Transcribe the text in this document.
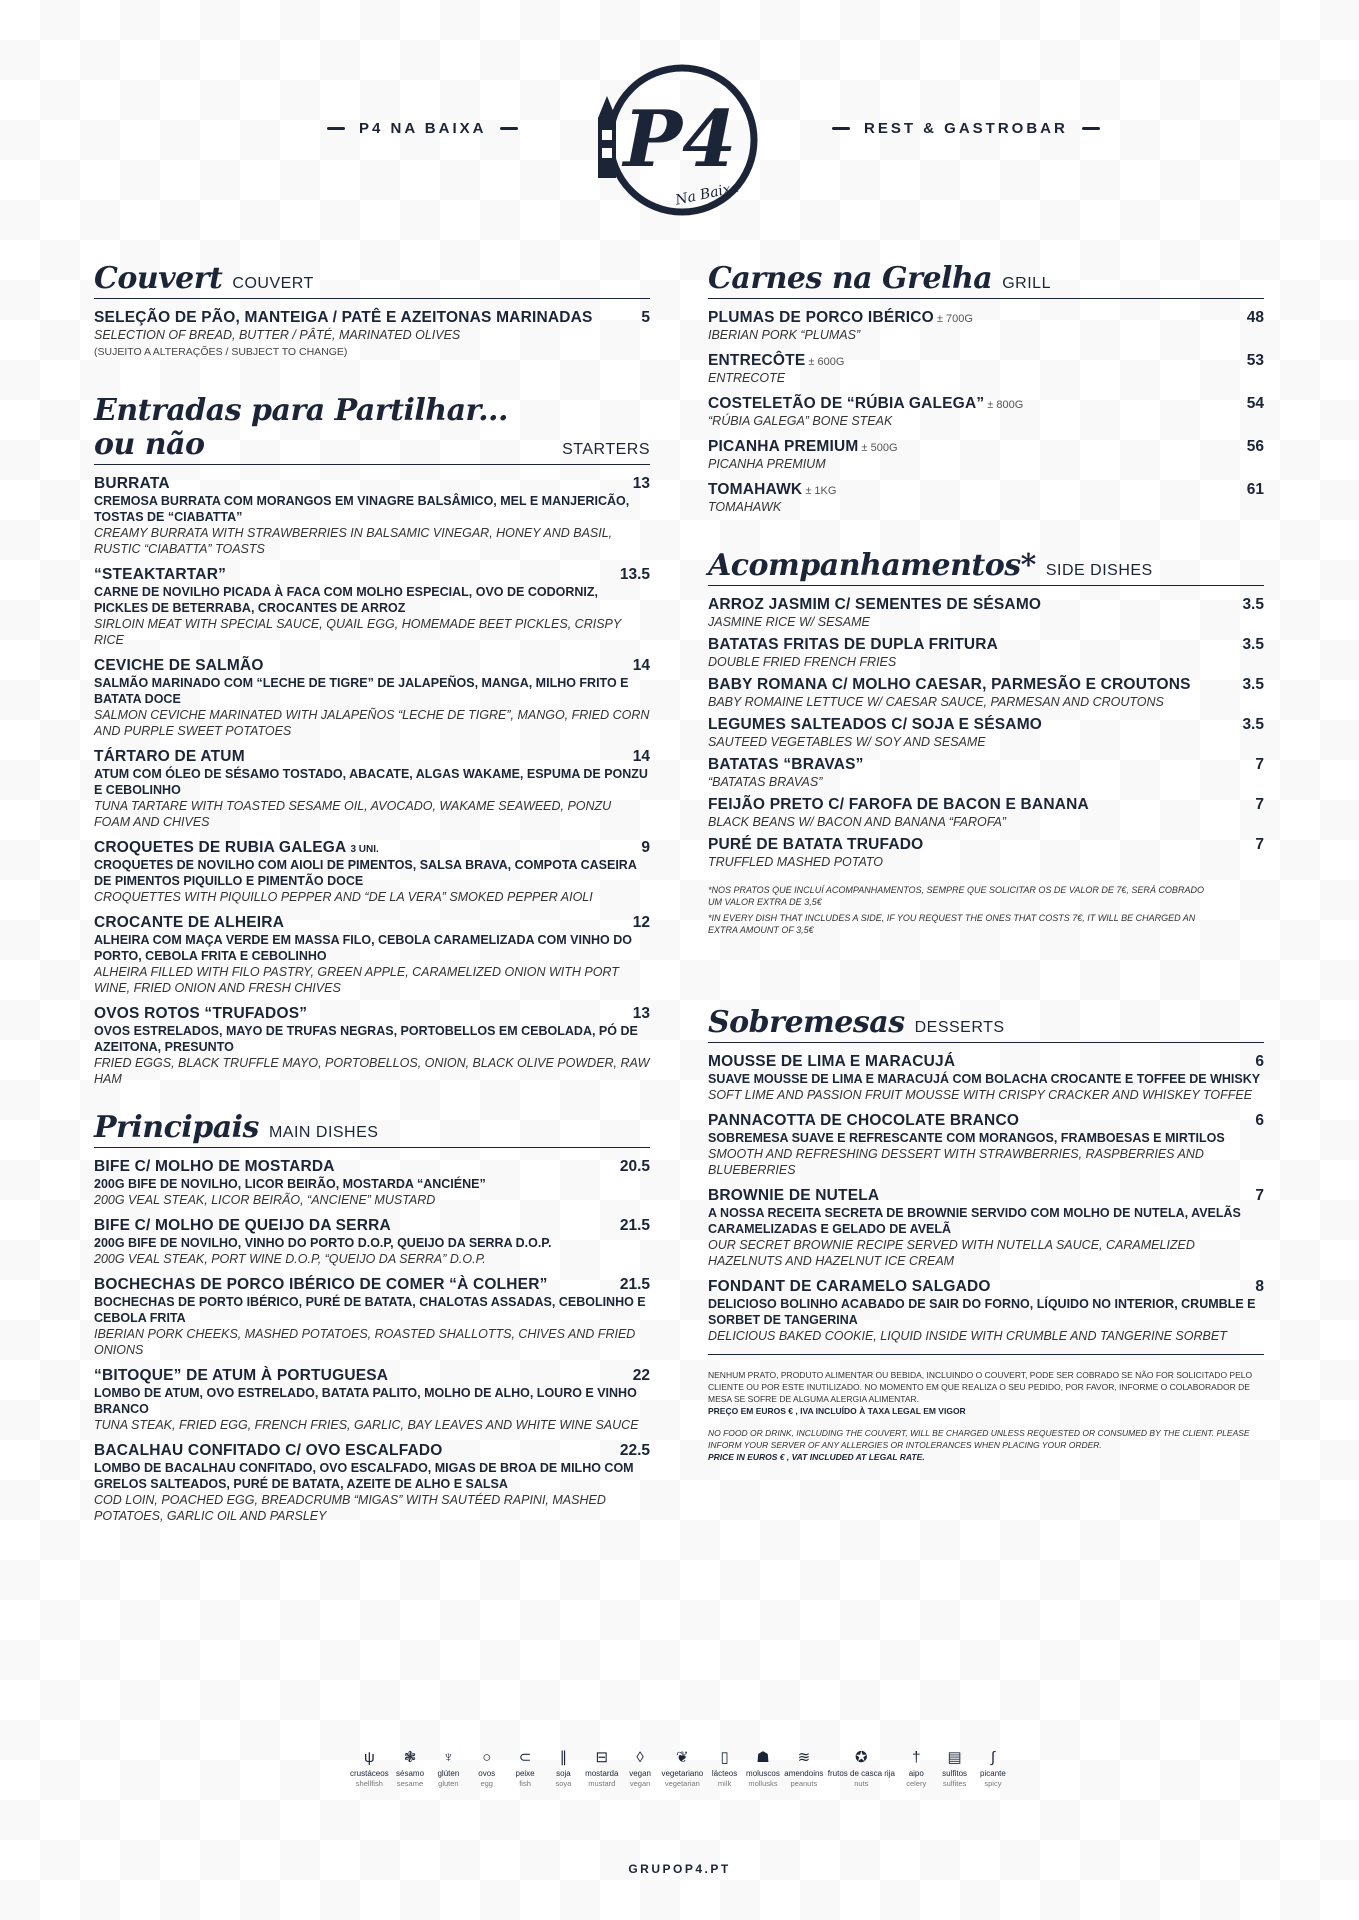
P4 NA BAIXA P4
Na Baixa
REST & GASTROBAR
Couvert COUVERT
SELEÇÃO DE PÃO, MANTEIGA / PATÊ E AZEITONAS MARINADAS	5
SELECTION OF BREAD, BUTTER / PÂTÉ, MARINATED OLIVES
(SUJEITO A ALTERAÇÕES / SUBJECT TO CHANGE)
Entradas para Partilhar... ou não	STARTERS
BURRATA	13
CREMOSA BURRATA COM MORANGOS EM VINAGRE BALSÂMICO, MEL E MANJERICÃO, TOSTAS DE “CIABATTA”
CREAMY BURRATA WITH STRAWBERRIES IN BALSAMIC VINEGAR, HONEY AND BASIL, RUSTIC “CIABATTA” TOASTS
“STEAKTARTAR”	13.5
CARNE DE NOVILHO PICADA À FACA COM MOLHO ESPECIAL, OVO DE CODORNIZ, PICKLES DE BETERRABA, CROCANTES DE ARROZ
SIRLOIN MEAT WITH SPECIAL SAUCE, QUAIL EGG, HOMEMADE BEET PICKLES, CRISPY RICE
CEVICHE DE SALMÃO	14
SALMÃO MARINADO COM “LECHE DE TIGRE” DE JALAPEÑOS, MANGA, MILHO FRITO E BATATA DOCE
SALMON CEVICHE MARINATED WITH JALAPEÑOS “LECHE DE TIGRE”, MANGO, FRIED CORN AND PURPLE SWEET POTATOES
TÁRTARO DE ATUM	14
ATUM COM ÓLEO DE SÉSAMO TOSTADO, ABACATE, ALGAS WAKAME, ESPUMA DE PONZU E CEBOLINHO
TUNA TARTARE WITH TOASTED SESAME OIL, AVOCADO, WAKAME SEAWEED, PONZU FOAM AND CHIVES
CROQUETES DE RUBIA GALEGA 3 UNI.	9
CROQUETES DE NOVILHO COM AIOLI DE PIMENTOS, SALSA BRAVA, COMPOTA CASEIRA DE PIMENTOS PIQUILLO E PIMENTÃO DOCE
CROQUETTES WITH PIQUILLO PEPPER AND “DE LA VERA” SMOKED PEPPER AIOLI
CROCANTE DE ALHEIRA	12
ALHEIRA COM MAÇA VERDE EM MASSA FILO, CEBOLA CARAMELIZADA COM VINHO DO PORTO, CEBOLA FRITA E CEBOLINHO
ALHEIRA FILLED WITH FILO PASTRY, GREEN APPLE, CARAMELIZED ONION WITH PORT WINE, FRIED ONION AND FRESH CHIVES
OVOS ROTOS “TRUFADOS”	13
OVOS ESTRELADOS, MAYO DE TRUFAS NEGRAS, PORTOBELLOS EM CEBOLADA, PÓ DE AZEITONA, PRESUNTO
FRIED EGGS, BLACK TRUFFLE MAYO, PORTOBELLOS, ONION, BLACK OLIVE POWDER, RAW HAM
Principais MAIN DISHES
BIFE C/ MOLHO DE MOSTARDA	20.5
200G BIFE DE NOVILHO, LICOR BEIRÃO, MOSTARDA “ANCIÉNE”
200G VEAL STEAK, LICOR BEIRÃO, “ANCIENE” MUSTARD
BIFE C/ MOLHO DE QUEIJO DA SERRA	21.5
200G BIFE DE NOVILHO, VINHO DO PORTO D.O.P, QUEIJO DA SERRA D.O.P.
200G VEAL STEAK, PORT WINE D.O.P, “QUEIJO DA SERRA” D.O.P.
BOCHECHAS DE PORCO IBÉRICO DE COMER “À COLHER”	21.5
BOCHECHAS DE PORTO IBÉRICO, PURÉ DE BATATA, CHALOTAS ASSADAS, CEBOLINHO E CEBOLA FRITA
IBERIAN PORK CHEEKS, MASHED POTATOES, ROASTED SHALLOTTS, CHIVES AND FRIED ONIONS
“BITOQUE” DE ATUM À PORTUGUESA	22
LOMBO DE ATUM, OVO ESTRELADO, BATATA PALITO, MOLHO DE ALHO, LOURO E VINHO BRANCO
TUNA STEAK, FRIED EGG, FRENCH FRIES, GARLIC, BAY LEAVES AND WHITE WINE SAUCE
BACALHAU CONFITADO C/ OVO ESCALFADO	22.5
LOMBO DE BACALHAU CONFITADO, OVO ESCALFADO, MIGAS DE BROA DE MILHO COM GRELOS SALTEADOS, PURÉ DE BATATA, AZEITE DE ALHO E SALSA
COD LOIN, POACHED EGG, BREADCRUMB “MIGAS” WITH SAUTÉED RAPINI, MASHED POTATOES, GARLIC OIL AND PARSLEY
Carnes na Grelha GRILL
PLUMAS DE PORCO IBÉRICO ± 700G	48
IBERIAN PORK “PLUMAS”
ENTRECÔTE ± 600G	53
ENTRECOTE
COSTELETÃO DE “RÚBIA GALEGA” ± 800G	54
“RÚBIA GALEGA” BONE STEAK
PICANHA PREMIUM ± 500G	56
PICANHA PREMIUM
TOMAHAWK ± 1KG	61
TOMAHAWK
Acompanhamentos* SIDE DISHES
ARROZ JASMIM C/ SEMENTES DE SÉSAMO	3.5
JASMINE RICE W/ SESAME
BATATAS FRITAS DE DUPLA FRITURA	3.5
DOUBLE FRIED FRENCH FRIES
BABY ROMANA C/ MOLHO CAESAR, PARMESÃO E CROUTONS	3.5
BABY ROMAINE LETTUCE W/ CAESAR SAUCE, PARMESAN AND CROUTONS
LEGUMES SALTEADOS C/ SOJA E SÉSAMO	3.5
SAUTEED VEGETABLES W/ SOY AND SESAME
BATATAS “BRAVAS”	7
“BATATAS BRAVAS”
FEIJÃO PRETO C/ FAROFA DE BACON E BANANA	7
BLACK BEANS W/ BACON AND BANANA “FAROFA”
PURÉ DE BATATA TRUFADO	7
TRUFFLED MASHED POTATO
*NOS PRATOS QUE INCLUÍ ACOMPANHAMENTOS, SEMPRE QUE SOLICITAR OS DE VALOR DE 7€, SERÁ COBRADO UM VALOR EXTRA DE 3,5€
*IN EVERY DISH THAT INCLUDES A SIDE, IF YOU REQUEST THE ONES THAT COSTS 7€, IT WILL BE CHARGED AN EXTRA AMOUNT OF 3,5€
Sobremesas DESSERTS
MOUSSE DE LIMA E MARACUJÁ	6
SUAVE MOUSSE DE LIMA E MARACUJÁ COM BOLACHA CROCANTE E TOFFEE DE WHISKY
SOFT LIME AND PASSION FRUIT MOUSSE WITH CRISPY CRACKER AND WHISKEY TOFFEE
PANNACOTTA DE CHOCOLATE BRANCO	6
SOBREMESA SUAVE E REFRESCANTE COM MORANGOS, FRAMBOESAS E MIRTILOS
SMOOTH AND REFRESHING DESSERT WITH STRAWBERRIES, RASPBERRIES AND BLUEBERRIES
BROWNIE DE NUTELA	7
A NOSSA RECEITA SECRETA DE BROWNIE SERVIDO COM MOLHO DE NUTELA, AVELÃS CARAMELIZADAS E GELADO DE AVELÃ
OUR SECRET BROWNIE RECIPE SERVED WITH NUTELLA SAUCE, CARAMELIZED HAZELNUTS AND HAZELNUT ICE CREAM
FONDANT DE CARAMELO SALGADO	8
DELICIOSO BOLINHO ACABADO DE SAIR DO FORNO, LÍQUIDO NO INTERIOR, CRUMBLE E SORBET DE TANGERINA
DELICIOUS BAKED COOKIE, LIQUID INSIDE WITH CRUMBLE AND TANGERINE SORBET
NENHUM PRATO, PRODUTO ALIMENTAR OU BEBIDA, INCLUINDO O COUVERT, PODE SER COBRADO SE NÃO FOR SOLICITADO PELO CLIENTE OU POR ESTE INUTILIZADO. NO MOMENTO EM QUE REALIZA O SEU PEDIDO, POR FAVOR, INFORME O COLABORADOR DE MESA SE SOFRE DE ALGUMA ALERGIA ALIMENTAR.
PREÇO EM EUROS € , IVA INCLUÍDO À TAXA LEGAL EM VIGOR
NO FOOD OR DRINK, INCLUDING THE COUVERT, WILL BE CHARGED UNLESS REQUESTED OR CONSUMED BY THE CLIENT. PLEASE INFORM YOUR SERVER OF ANY ALLERGIES OR INTOLERANCES WHEN PLACING YOUR ORDER.
PRICE IN EUROS € , VAT INCLUDED AT LEGAL RATE.
ψ
crustáceos
shellfish
❃
sésamo
sesame
♆
glúten
gluten
○
ovos
egg
⊂
peixe
fish
∥
soja
soya
⊟
mostarda
mustard
◊
vegan
vegan
❦
vegetariano
vegetarian
▯
lácteos
milk
☗
moluscos
mollusks
≋
amendoins
peanuts
✪
frutos de casca rija
nuts
†
aipo
celery
▤
sulfitos
sulfites
∫
picante
spicy
GRUPOP4.PT
